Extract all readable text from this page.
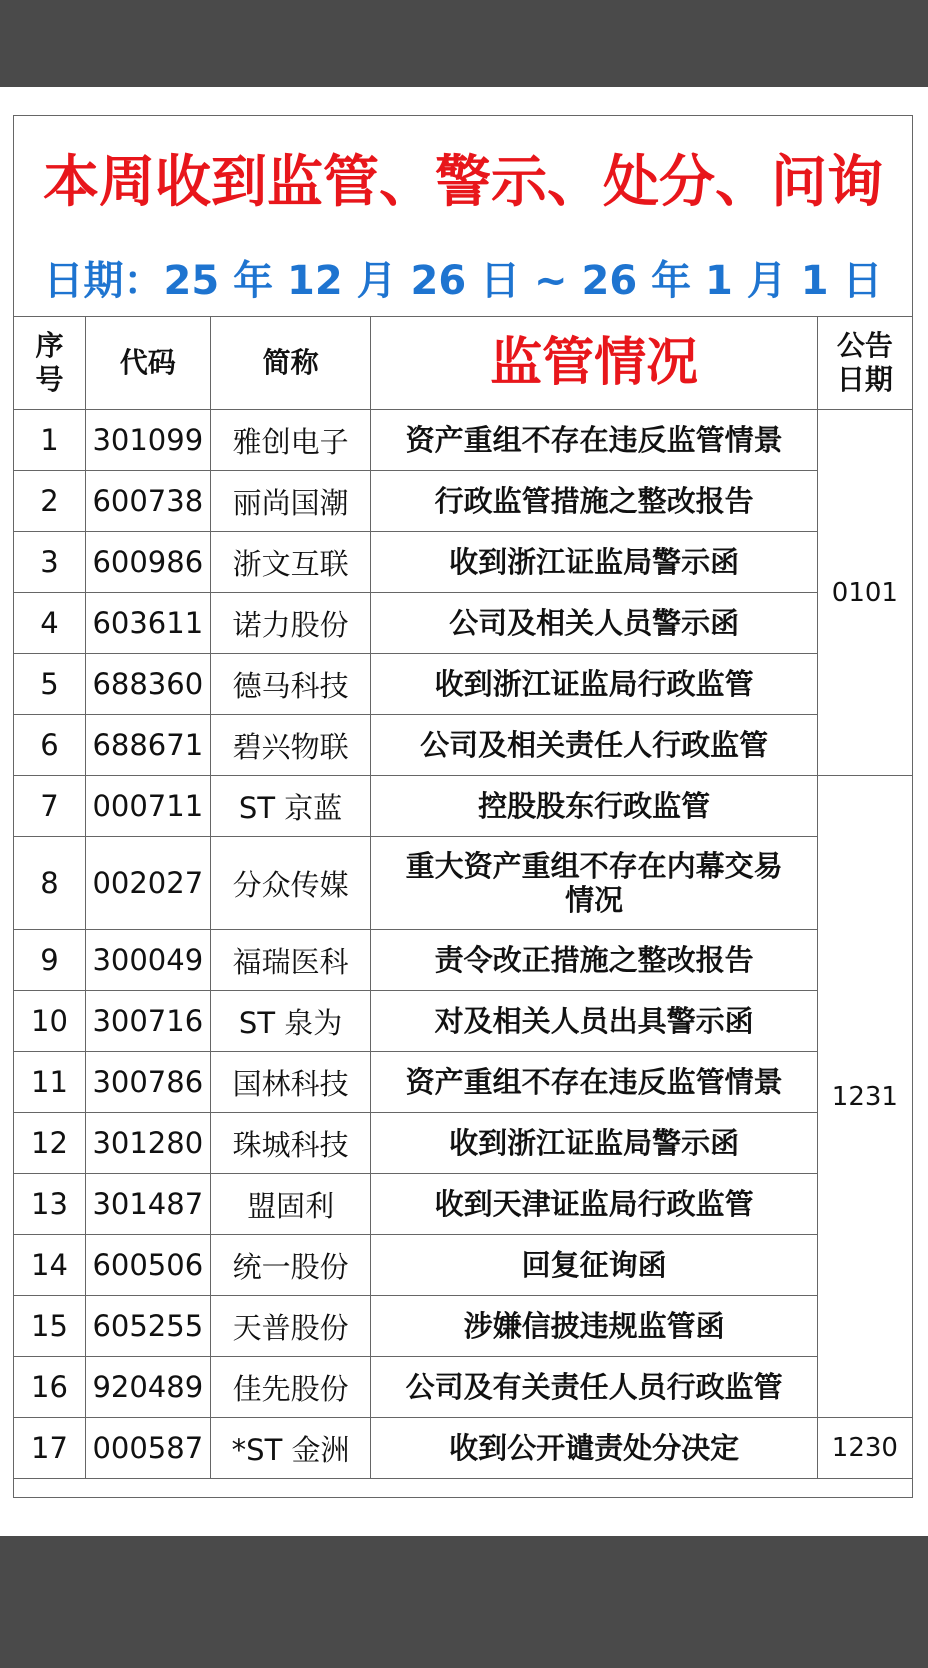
本周收到监管、警示、处分、问询
日期：25 年 12 月 26 日 ~ 26 年 1 月 1 日
序号	代码	简称	监管情况	公告日期
1	301099	雅创电子	资产重组不存在违反监管情景	0101
2	600738	丽尚国潮	行政监管措施之整改报告	
3	600986	浙文互联	收到浙江证监局警示函	
4	603611	诺力股份	公司及相关人员警示函	
5	688360	德马科技	收到浙江证监局行政监管	
6	688671	碧兴物联	公司及相关责任人行政监管	
7	000711	ST 京蓝	控股股东行政监管	1231
8	002027	分众传媒	重大资产重组不存在内幕交易情况	
9	300049	福瑞医科	责令改正措施之整改报告	
10	300716	ST 泉为	对及相关人员出具警示函	
11	300786	国林科技	资产重组不存在违反监管情景	
12	301280	珠城科技	收到浙江证监局警示函	
13	301487	盟固利	收到天津证监局行政监管	
14	600506	统一股份	回复征询函	
15	605255	天普股份	涉嫌信披违规监管函	
16	920489	佳先股份	公司及有关责任人员行政监管	
17	000587	*ST 金洲	收到公开谴责处分决定	1230
